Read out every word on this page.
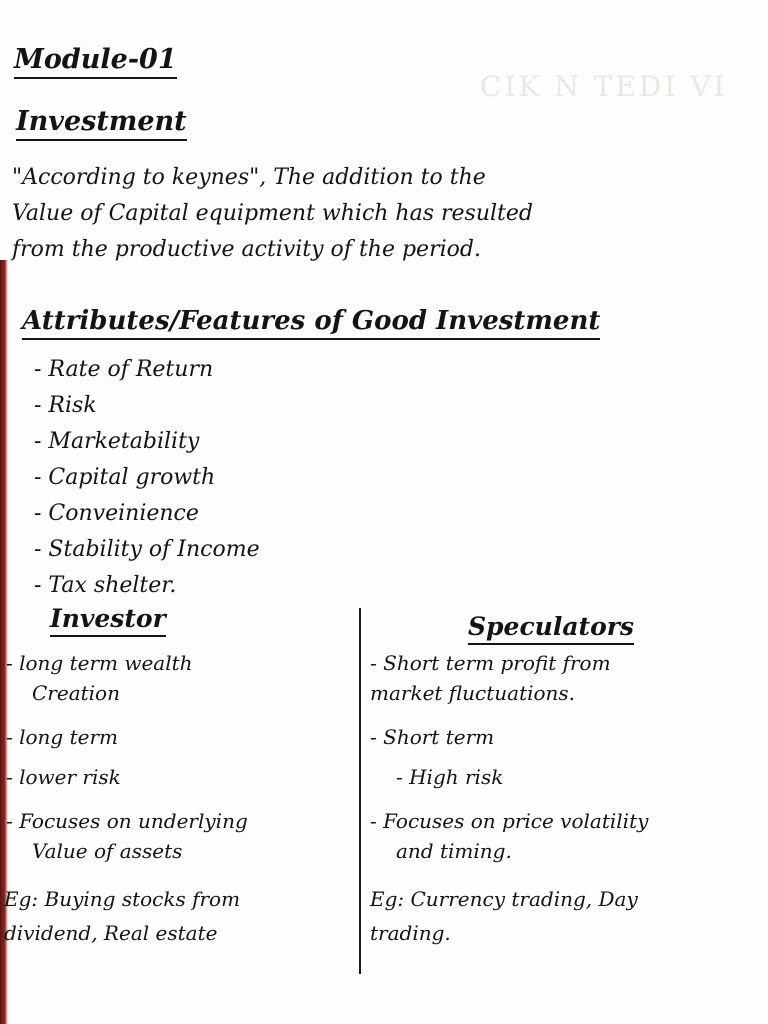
CIK N TEDI VI
Module-01
Investment
"According to keynes", The addition to the
Value of Capital equipment which has resulted
from the productive activity of the period.
Attributes/Features of Good Investment
- Rate of Return
- Risk
- Marketability
- Capital growth
- Conveinience
- Stability of Income
- Tax shelter.
Investor	Speculators
- long term wealth
Creation
- long term
- lower risk
- Focuses on underlying
Value of assets
- Short term profit from
market fluctuations.
- Short term
- High risk
- Focuses on price volatility
and timing.
Eg: Buying stocks from
dividend, Real estate
Eg: Currency trading, Day
trading.
